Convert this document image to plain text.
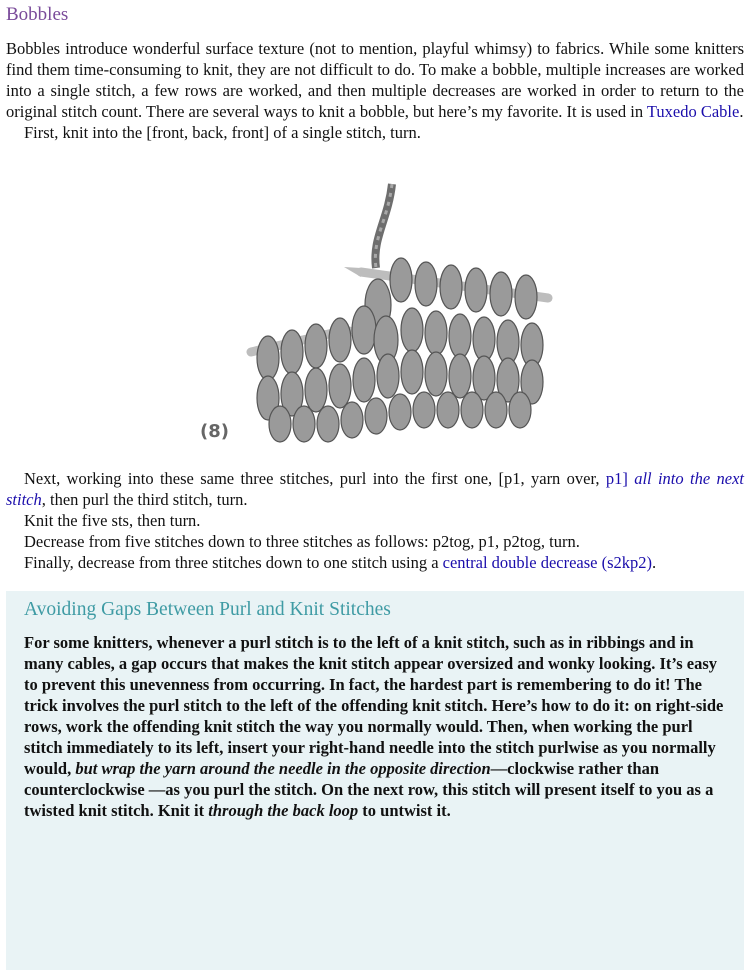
Bobbles

Bobbles introduce wonderful surface texture (not to mention, playful whimsy) to fabrics. While some knitters find them time-consuming to knit, they are not difficult to do. To make a bobble, multiple increases are worked into a single stitch, a few rows are worked, and then multiple decreases are worked in order to return to the original stitch count. There are several ways to knit a bobble, but here’s my favorite. It is used in Tuxedo Cable.

First, knit into the [front, back, front] of a single stitch, turn.

(8)

Next, working into these same three stitches, purl into the first one, [p1, yarn over, p1] all into the next stitch, then purl the third stitch, turn.

Knit the five sts, then turn.

Decrease from five stitches down to three stitches as follows: p2tog, p1, p2tog, turn.

Finally, decrease from three stitches down to one stitch using a central double decrease (s2kp2).

Avoiding Gaps Between Purl and Knit Stitches

For some knitters, whenever a purl stitch is to the left of a knit stitch, such as in ribbings and in many cables, a gap occurs that makes the knit stitch appear oversized and wonky looking. It’s easy to prevent this unevenness from occurring. In fact, the hardest part is remembering to do it! The trick involves the purl stitch to the left of the offending knit stitch. Here’s how to do it: on right-side rows, work the offending knit stitch the way you normally would. Then, when working the purl stitch immediately to its left, insert your right-hand needle into the stitch purlwise as you normally would, but wrap the yarn around the needle in the opposite direction—clockwise rather than counterclockwise —as you purl the stitch. On the next row, this stitch will present itself to you as a twisted knit stitch. Knit it through the back loop to untwist it.
